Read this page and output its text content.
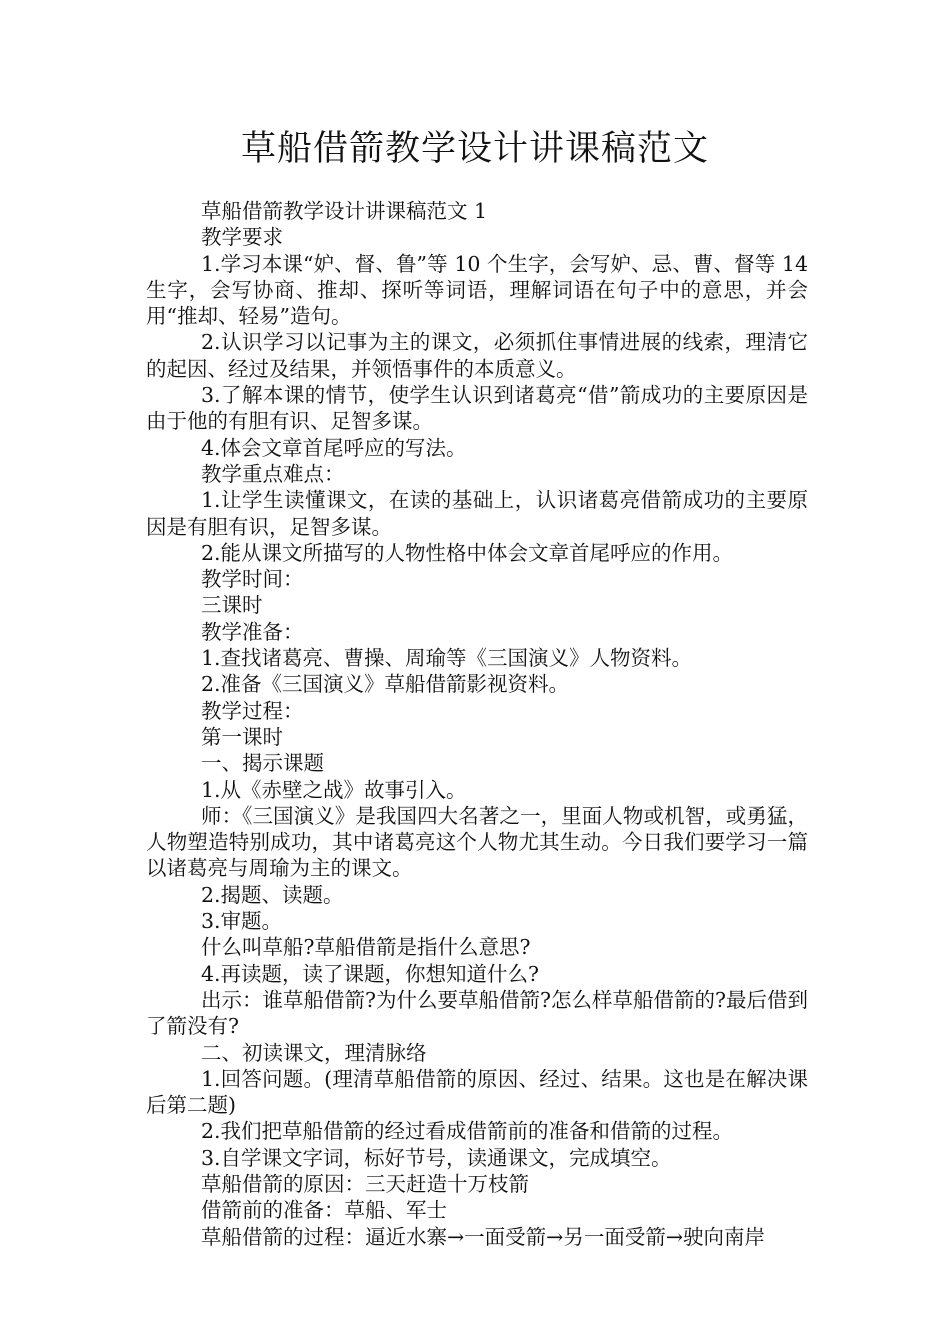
草船借箭教学设计讲课稿范文

草船借箭教学设计讲课稿范文 1

教学要求

1.学习本课“妒、督、鲁”等 10 个生字，会写妒、忌、曹、督等 14 生字，会写协商、推却、探听等词语，理解词语在句子中的意思，并会用“推却、轻易”造句。

2.认识学习以记事为主的课文，必须抓住事情进展的线索，理清它的起因、经过及结果，并领悟事件的本质意义。

3.了解本课的情节，使学生认识到诸葛亮“借”箭成功的主要原因是由于他的有胆有识、足智多谋。

4.体会文章首尾呼应的写法。

教学重点难点：

1.让学生读懂课文，在读的基础上，认识诸葛亮借箭成功的主要原因是有胆有识，足智多谋。

2.能从课文所描写的人物性格中体会文章首尾呼应的作用。

教学时间：

三课时

教学准备：

1.查找诸葛亮、曹操、周瑜等《三国演义》人物资料。

2.准备《三国演义》草船借箭影视资料。

教学过程：

第一课时

一、揭示课题

1.从《赤壁之战》故事引入。

师：《三国演义》是我国四大名著之一，里面人物或机智，或勇猛，人物塑造特别成功，其中诸葛亮这个人物尤其生动。今日我们要学习一篇以诸葛亮与周瑜为主的课文。

2.揭题、读题。

3.审题。

什么叫草船?草船借箭是指什么意思?

4.再读题，读了课题，你想知道什么?

出示：谁草船借箭?为什么要草船借箭?怎么样草船借箭的?最后借到了箭没有?

二、初读课文，理清脉络

1.回答问题。(理清草船借箭的原因、经过、结果。这也是在解决课后第二题)

2.我们把草船借箭的经过看成借箭前的准备和借箭的过程。

3.自学课文字词，标好节号，读通课文，完成填空。

草船借箭的原因：三天赶造十万枝箭

借箭前的准备：草船、军士

草船借箭的过程：逼近水寨→一面受箭→另一面受箭→驶向南岸
